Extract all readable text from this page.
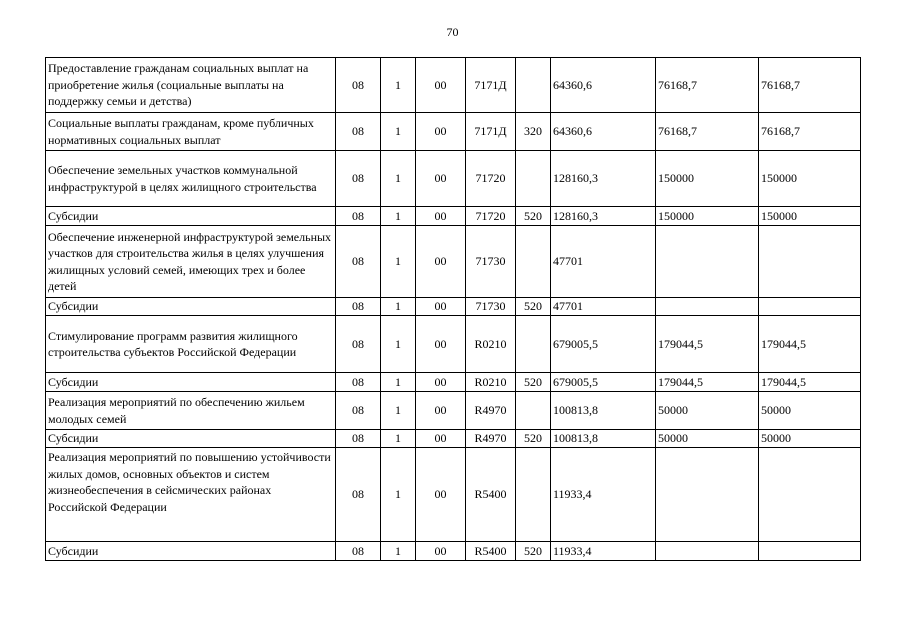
70
Предоставление гражданам социальных выплат на приобретение жилья (социальные выплаты на поддержку семьи и детства)	08	1	00	7171Д		64360,6	76168,7	76168,7
Социальные выплаты гражданам, кроме публичных нормативных социальных выплат	08	1	00	7171Д	320	64360,6	76168,7	76168,7
Обеспечение земельных участков коммунальной инфраструктурой в целях жилищного строительства	08	1	00	71720		128160,3	150000	150000
Субсидии	08	1	00	71720	520	128160,3	150000	150000
Обеспечение инженерной инфраструктурой земельных участков для строительства жилья в целях улучшения жилищных условий семей, имеющих трех и более детей	08	1	00	71730		47701		
Субсидии	08	1	00	71730	520	47701		
Стимулирование программ развития жилищного строительства субъектов Российской Федерации	08	1	00	R0210		679005,5	179044,5	179044,5
Субсидии	08	1	00	R0210	520	679005,5	179044,5	179044,5
Реализация мероприятий по обеспечению жильем молодых семей	08	1	00	R4970		100813,8	50000	50000
Субсидии	08	1	00	R4970	520	100813,8	50000	50000
Реализация мероприятий по повышению устойчивости жилых домов, основных объектов и систем жизнеобеспечения в сейсмических районах Российской Федерации	08	1	00	R5400		11933,4		
Субсидии	08	1	00	R5400	520	11933,4		
